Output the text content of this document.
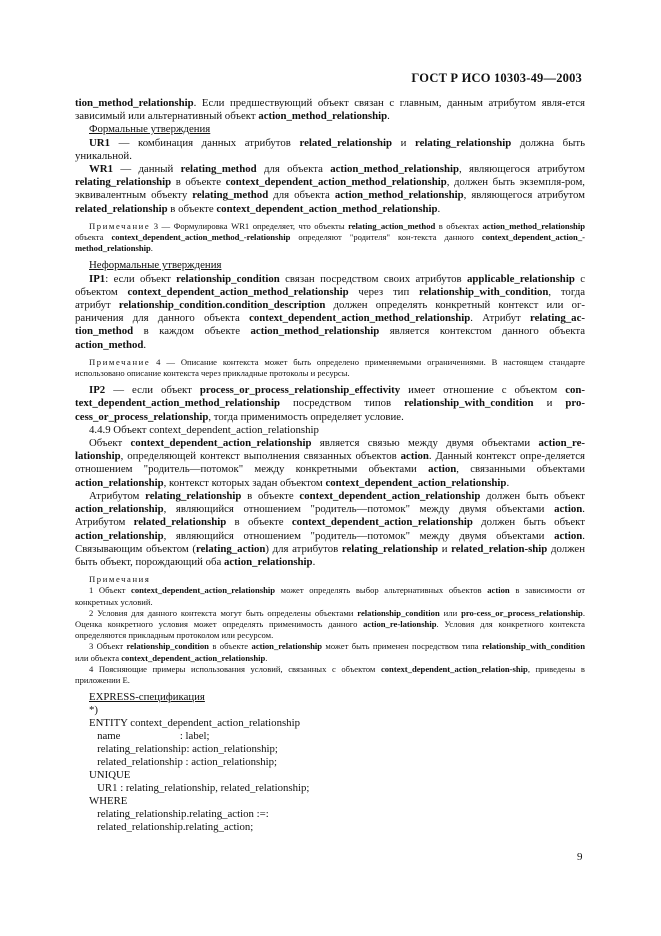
ГОСТ Р ИСО 10303-49—2003
tion_method_relationship. Если предшествующий объект связан с главным, данным атрибутом явля-ется зависимый или альтернативный объект action_method_relationship.
Формальные утверждения
UR1 — комбинация данных атрибутов related_relationship и relating_relationship должна быть уникальной.
WR1 — данный relating_method для объекта action_method_relationship, являющегося атрибутом relating_relationship в объекте context_dependent_action_method_relationship, должен быть экземпля-ром, эквивалентным объекту relating_method для объекта action_method_relationship, являющегося атрибутом related_relationship в объекте context_dependent_action_method_relationship.
Примечание 3 — Формулировка WR1 определяет, что объекты relating_action_method в объектах action_method_relationship объекта context_dependent_action_method_-relationship определяют "родителя" кон-текста данного context_dependent_action_-method_relationship.
Неформальные утверждения
IP1: если объект relationship_condition связан посредством своих атрибутов applicable_relationship с объектом context_dependent_action_method_relationship через тип relationship_with_condition, тогда атрибут relationship_condition.condition_description должен определять конкретный контекст или ог-раничения для данного объекта context_dependent_action_method_relationship. Атрибут relating_ac-tion_method в каждом объекте action_method_relationship является контекстом данного объекта action_method.
Примечание 4 — Описание контекста может быть определено применяемыми ограничениями. В настоящем стандарте использовано описание контекста через прикладные протоколы и ресурсы.
IP2 — если объект process_or_process_relationship_effectivity имеет отношение с объектом con-text_dependent_action_method_relationship посредством типов relationship_with_condition и pro-cess_or_process_relationship, тогда применимость определяет условие.
4.4.9 Объект context_dependent_action_relationship
Объект context_dependent_action_relationship является связью между двумя объектами action_re-lationship, определяющей контекст выполнения связанных объектов action. Данный контекст опре-деляется отношением "родитель—потомок" между конкретными объектами action, связанными объектами action_relationship, контекст которых задан объектом context_dependent_action_relationship.
Атрибутом relating_relationship в объекте context_dependent_action_relationship должен быть объект action_relationship, являющийся отношением "родитель—потомок" между двумя объектами action. Атрибутом related_relationship в объекте context_dependent_action_relationship должен быть объект action_relationship, являющийся отношением "родитель—потомок" между двумя объектами action. Связывающим объектом (relating_action) для атрибутов relating_relationship и related_relation-ship должен быть объект, порождающий оба action_relationship.
Примечания
1 Объект context_dependent_action_relationship может определять выбор альтернативных объектов action в зависимости от конкретных условий.
2 Условия для данного контекста могут быть определены объектами relationship_condition или pro-cess_or_process_relationship. Оценка конкретного условия может определять применимость данного action_re-lationship. Условия для конкретного контекста определяются прикладным протоколом или ресурсом.
3 Объект relationship_condition в объекте action_relationship может быть применен посредством типа relationship_with_condition или объекта context_dependent_action_relationship.
4 Поясняющие примеры использования условий, связанных с объектом context_dependent_action_relation-ship, приведены в приложении Е.
EXPRESS-спецификация
*)
ENTITY context_dependent_action_relationship
name                      : label;
relating_relationship: action_relationship;
related_relationship : action_relationship;
UNIQUE
UR1 : relating_relationship, related_relationship;
WHERE
relating_relationship.relating_action :=:
related_relationship.relating_action;
9
